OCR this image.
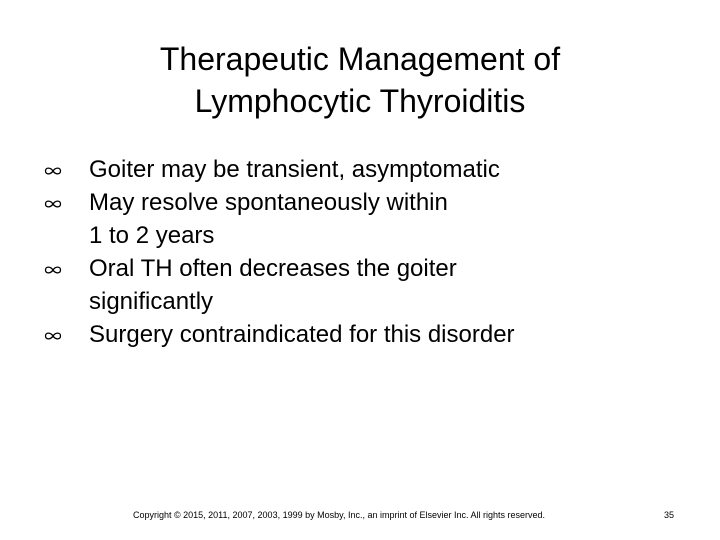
Therapeutic Management of
Lymphocytic Thyroiditis
Goiter may be transient, asymptomatic
May resolve spontaneously within
1 to 2 years
Oral TH often decreases the goiter
significantly
Surgery contraindicated for this disorder
Copyright © 2015, 2011, 2007, 2003, 1999 by Mosby, Inc., an imprint of Elsevier Inc. All rights reserved.	35
